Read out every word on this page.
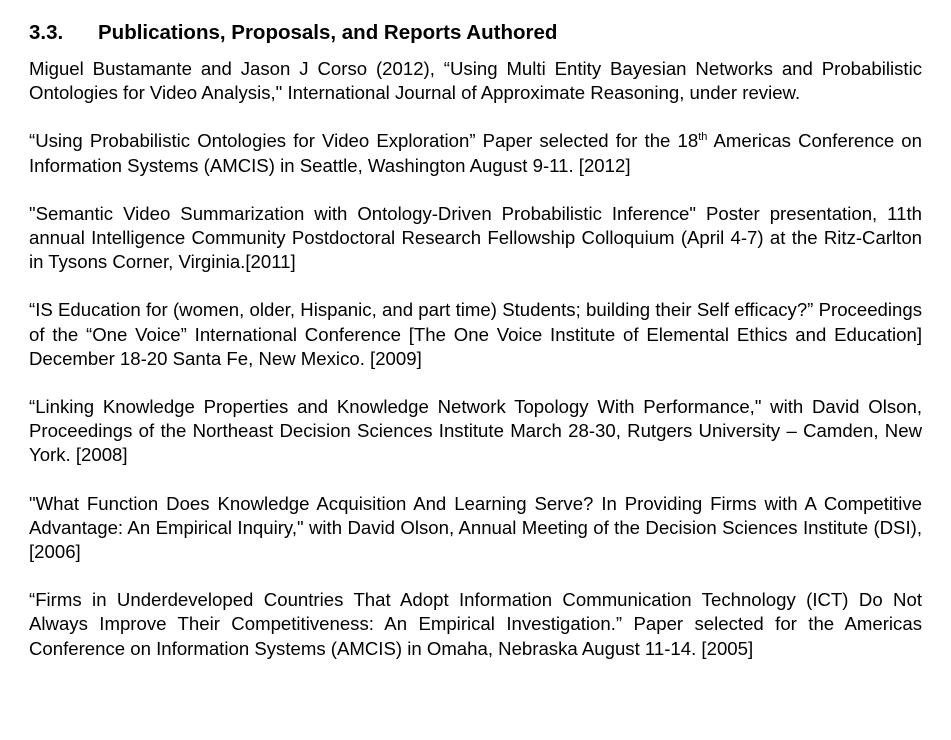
3.3. Publications, Proposals, and Reports Authored

Miguel Bustamante and Jason J Corso (2012), “Using Multi Entity Bayesian Networks and Probabilistic Ontologies for Video Analysis," International Journal of Approximate Reasoning, under review.

“Using Probabilistic Ontologies for Video Exploration” Paper selected for the 18th Americas Conference on Information Systems (AMCIS) in Seattle, Washington August 9-11. [2012]

"Semantic Video Summarization with Ontology-Driven Probabilistic Inference" Poster presentation, 11th annual Intelligence Community Postdoctoral Research Fellowship Colloquium (April 4-7) at the Ritz-Carlton in Tysons Corner, Virginia.[2011]

“IS Education for (women, older, Hispanic, and part time) Students; building their Self efficacy?” Proceedings of the “One Voice” International Conference [The One Voice Institute of Elemental Ethics and Education] December 18-20 Santa Fe, New Mexico. [2009]

“Linking Knowledge Properties and Knowledge Network Topology With Performance," with David Olson, Proceedings of the Northeast Decision Sciences Institute March 28-30, Rutgers University – Camden, New York. [2008]

"What Function Does Knowledge Acquisition And Learning Serve? In Providing Firms with A Competitive Advantage: An Empirical Inquiry," with David Olson, Annual Meeting of the Decision Sciences Institute (DSI), [2006]

“Firms in Underdeveloped Countries That Adopt Information Communication Technology (ICT) Do Not Always Improve Their Competitiveness: An Empirical Investigation.” Paper selected for the Americas Conference on Information Systems (AMCIS) in Omaha, Nebraska August 11-14. [2005]
